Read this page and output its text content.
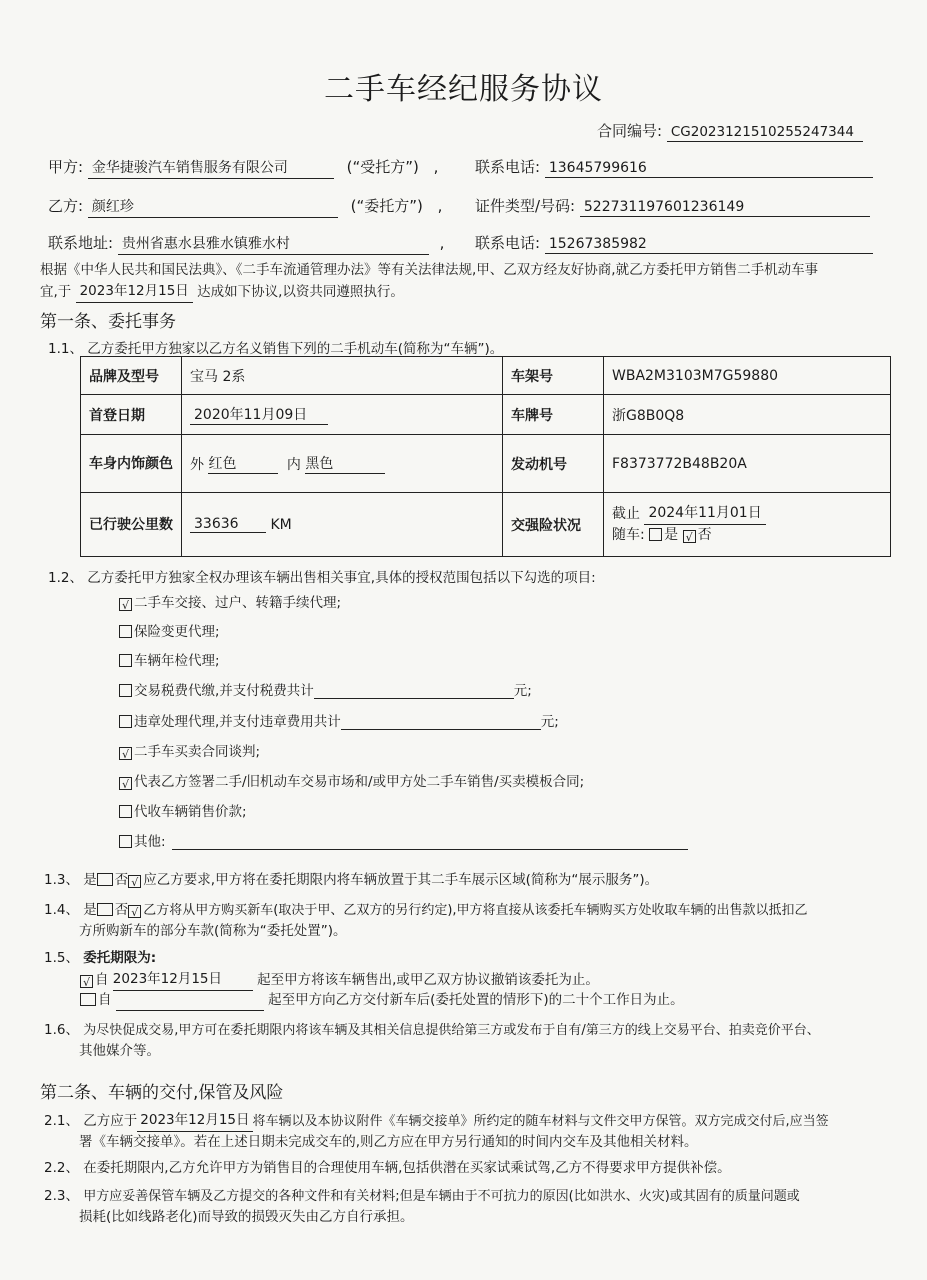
二手车经纪服务协议
合同编号: CG2023121510255247344
甲方: 金华捷骏汽车销售服务有限公司	(“受托方”) , 联系电话: 13645799616
乙方: 颜红珍	(“委托方”) , 证件类型/号码: 522731197601236149
联系地址: 贵州省惠水县雅水镇雅水村	, 联系电话: 15267385982
根据《中华人民共和国民法典》、《二手车流通管理办法》等有关法律法规,甲、乙双方经友好协商,就乙方委托甲方销售二手机动车事
宜,于 2023年12月15日 达成如下协议,以资共同遵照执行。
第一条、委托事务
1.1、 乙方委托甲方独家以乙方名义销售下列的二手机动车(简称为“车辆”)。
品牌及型号	宝马 2系	车架号	WBA2M3103M7G59880
首登日期	2020年11月09日	车牌号	浙G8B0Q8
车身内饰颜色	外 红色 内 黑色	发动机号	F8373772B48B20A
已行驶公里数	33636 KM	交强险状况	截止 2024年11月01日
随车: 是 √ 否
1.2、 乙方委托甲方独家全权办理该车辆出售相关事宜,具体的授权范围包括以下勾选的项目:
√ 二手车交接、过户、转籍手续代理;
保险变更代理;
车辆年检代理;
交易税费代缴,并支付税费共计	元;
违章处理代理,并支付违章费用共计	元;
√ 二手车买卖合同谈判;
√ 代表乙方签署二手/旧机动车交易市场和/或甲方处二手车销售/买卖模板合同;
代收车辆销售价款;
其他:
1.3、 是 否 √ 应乙方要求,甲方将在委托期限内将车辆放置于其二手车展示区域(简称为“展示服务”)。
1.4、 是 否 √ 乙方将从甲方购买新车(取决于甲、乙双方的另行约定),甲方将直接从该委托车辆购买方处收取车辆的出售款以抵扣乙
方所购新车的部分车款(简称为“委托处置”)。
1.5、 委托期限为:
√ 自 2023年12月15日	起至甲方将该车辆售出,或甲乙双方协议撤销该委托为止。
自	起至甲方向乙方交付新车后(委托处置的情形下)的二十个工作日为止。
1.6、 为尽快促成交易,甲方可在委托期限内将该车辆及其相关信息提供给第三方或发布于自有/第三方的线上交易平台、拍卖竞价平台、
其他媒介等。
第二条、车辆的交付,保管及风险
2.1、 乙方应于 2023年12月15日 将车辆以及本协议附件《车辆交接单》所约定的随车材料与文件交甲方保管。双方完成交付后,应当签
署《车辆交接单》。若在上述日期未完成交车的,则乙方应在甲方另行通知的时间内交车及其他相关材料。
2.2、 在委托期限内,乙方允许甲方为销售目的合理使用车辆,包括供潜在买家试乘试驾,乙方不得要求甲方提供补偿。
2.3、 甲方应妥善保管车辆及乙方提交的各种文件和有关材料;但是车辆由于不可抗力的原因(比如洪水、火灾)或其固有的质量问题或
损耗(比如线路老化)而导致的损毁灭失由乙方自行承担。
